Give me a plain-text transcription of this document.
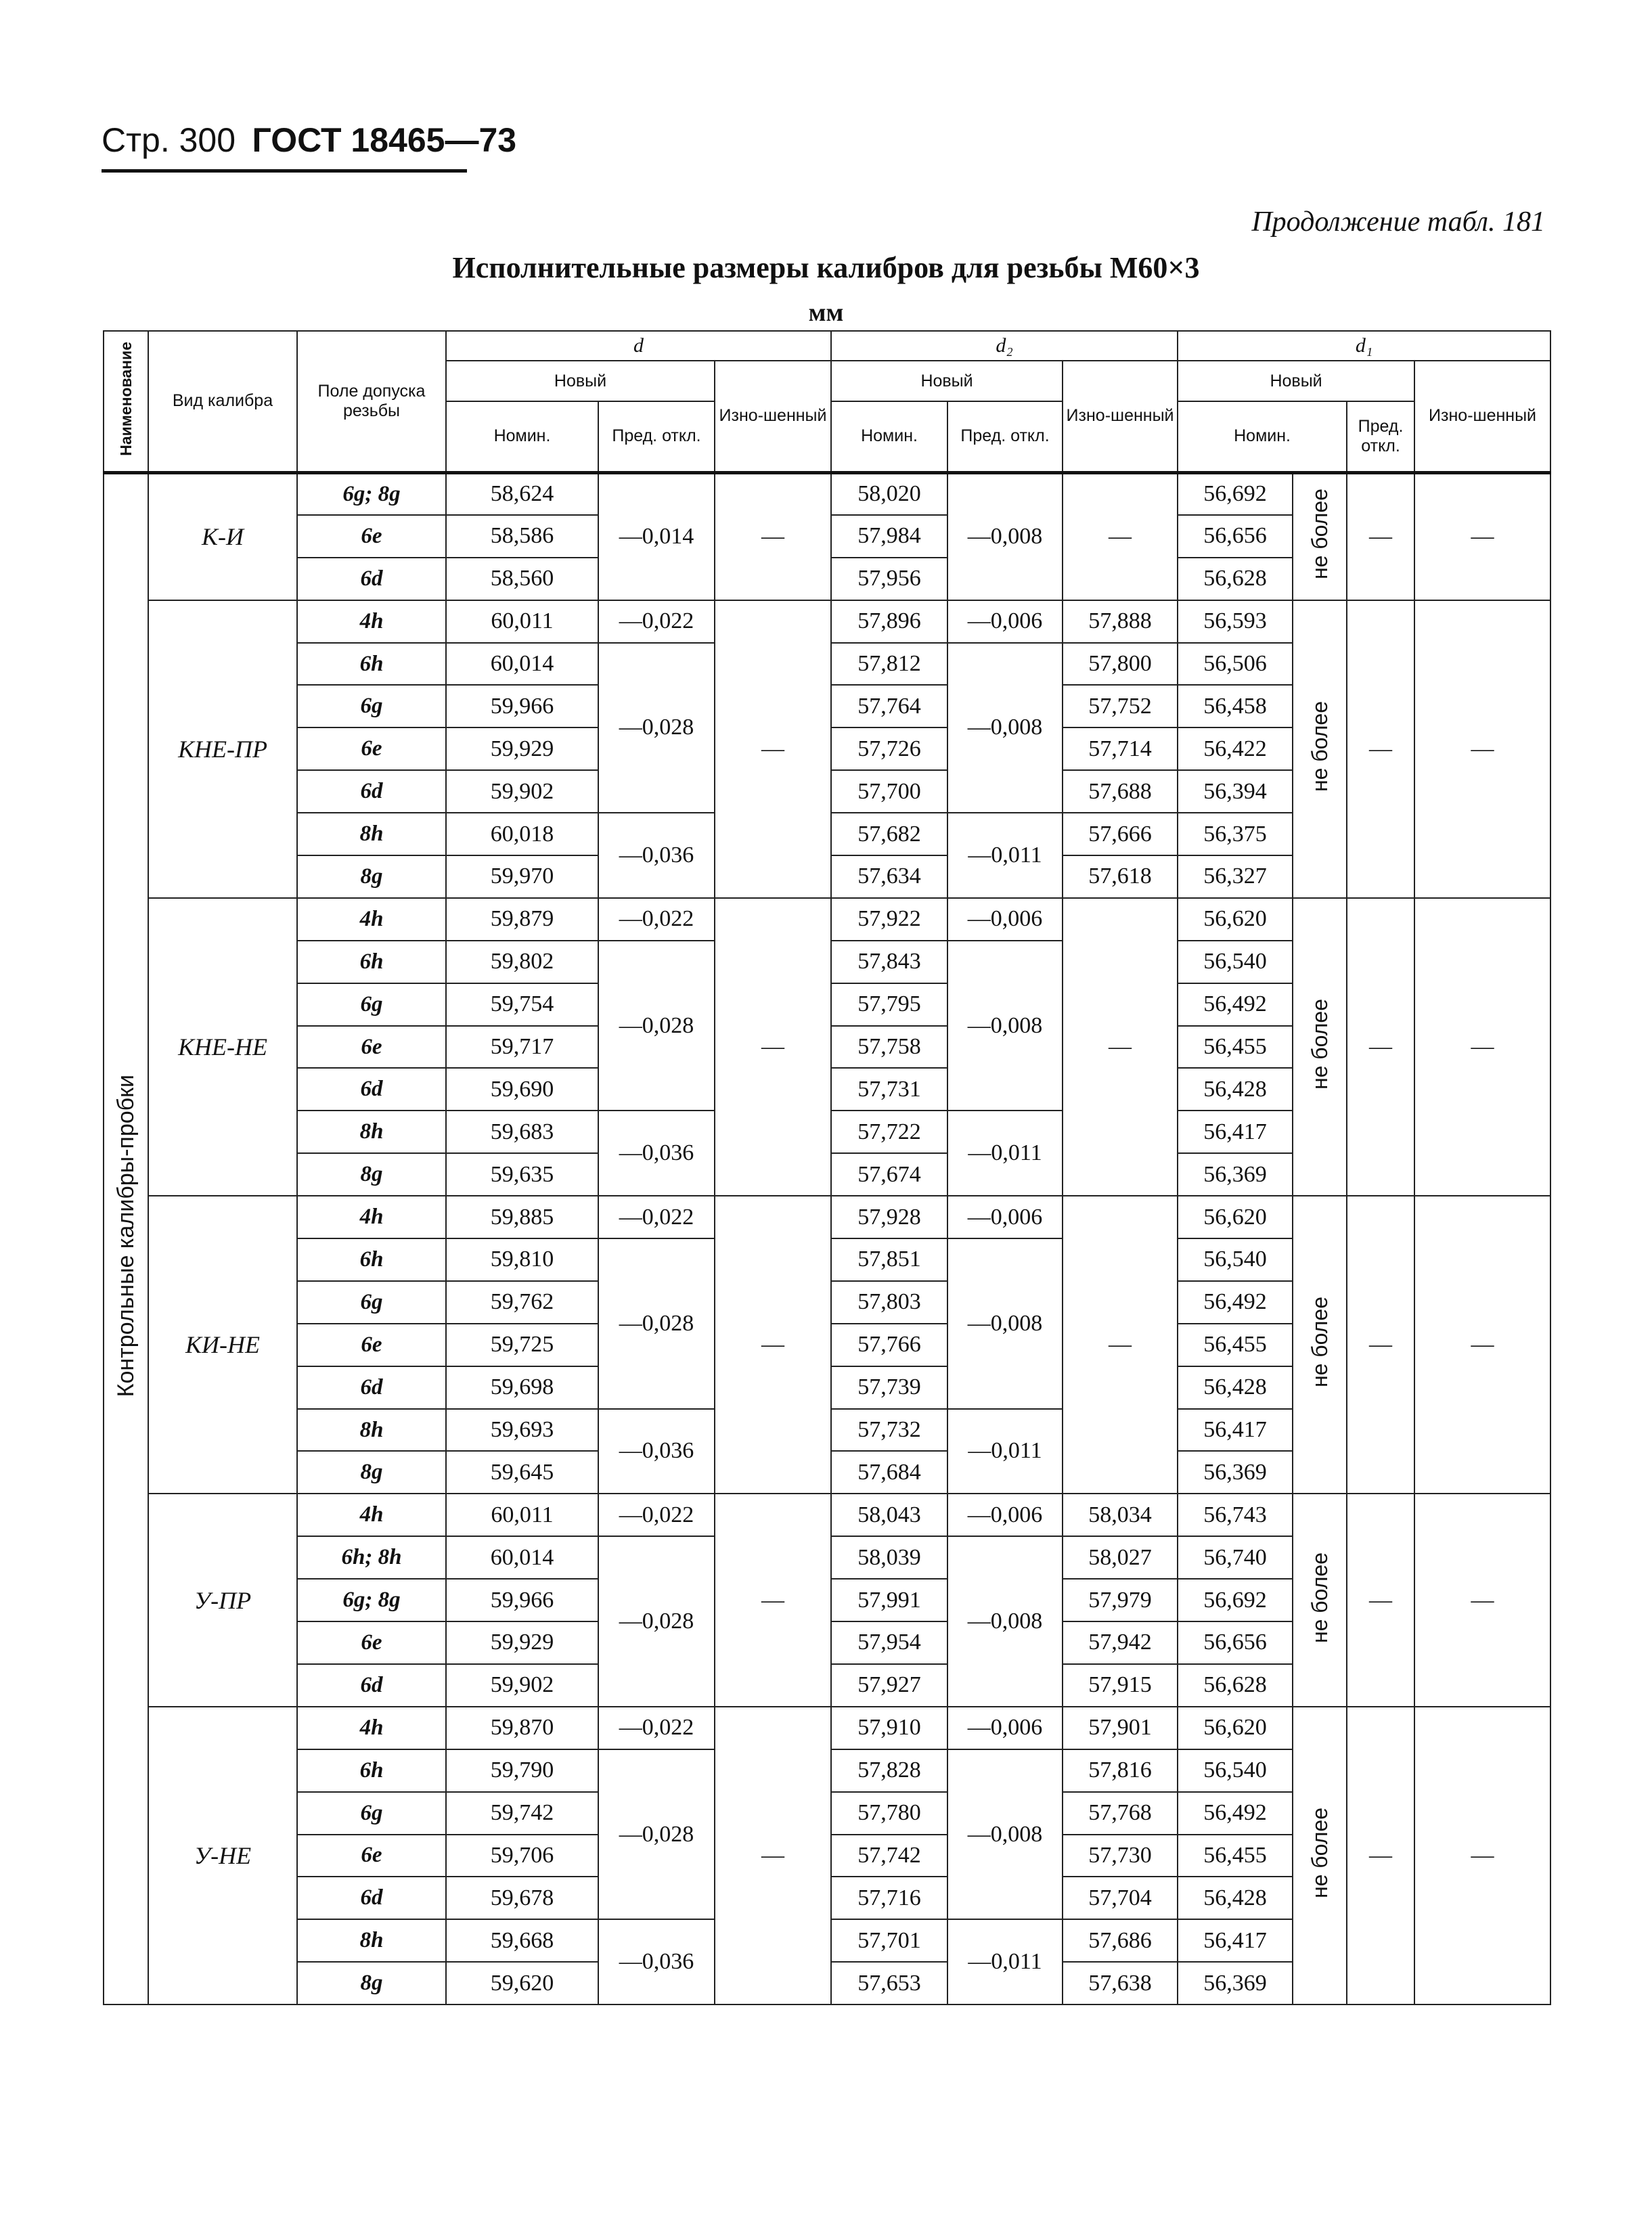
Стр. 300 ГОСТ 18465—73
Продолжение табл. 181
Исполнительные размеры калибров для резьбы M60×3
мм
Наименование	Вид калибра	Поле допуска резьбы	d			d₂			d₁			
			Новый		Изно-шенный	Новый		Изно-шенный	Новый			Изно-шенный
			Номин.	Пред. откл.		Номин.	Пред. откл.		Номин.		Пред. откл.	
Контрольные калибры-пробки	К-И	6g; 8g	58,624	—0,014	—	58,020	—0,008	—	56,692	не более	—	—
		6e	58,586			57,984			56,656			
		6d	58,560			57,956			56,628			
	КНЕ-ПР	4h	60,011	—0,022	—	57,896	—0,006	57,888	56,593	не более	—	—
		6h	60,014	—0,028		57,812	—0,008	57,800	56,506			
		6g	59,966			57,764		57,752	56,458			
		6e	59,929			57,726		57,714	56,422			
		6d	59,902			57,700		57,688	56,394			
		8h	60,018	—0,036		57,682	—0,011	57,666	56,375			
		8g	59,970			57,634		57,618	56,327			
	КНЕ-НЕ	4h	59,879	—0,022	—	57,922	—0,006	—	56,620	не более	—	—
		6h	59,802	—0,028		57,843	—0,008		56,540			
		6g	59,754			57,795			56,492			
		6e	59,717			57,758			56,455			
		6d	59,690			57,731			56,428			
		8h	59,683	—0,036		57,722	—0,011		56,417			
		8g	59,635			57,674			56,369			
	КИ-НЕ	4h	59,885	—0,022	—	57,928	—0,006	—	56,620	не более	—	—
		6h	59,810	—0,028		57,851	—0,008		56,540			
		6g	59,762			57,803			56,492			
		6e	59,725			57,766			56,455			
		6d	59,698			57,739			56,428			
		8h	59,693	—0,036		57,732	—0,011		56,417			
		8g	59,645			57,684			56,369			
	У-ПР	4h	60,011	—0,022	—	58,043	—0,006	58,034	56,743	не более	—	—
		6h; 8h	60,014	—0,028		58,039	—0,008	58,027	56,740			
		6g; 8g	59,966			57,991		57,979	56,692			
		6e	59,929			57,954		57,942	56,656			
		6d	59,902			57,927		57,915	56,628			
	У-НЕ	4h	59,870	—0,022	—	57,910	—0,006	57,901	56,620	не более	—	—
		6h	59,790	—0,028		57,828	—0,008	57,816	56,540			
		6g	59,742			57,780		57,768	56,492			
		6e	59,706			57,742		57,730	56,455			
		6d	59,678			57,716		57,704	56,428			
		8h	59,668	—0,036		57,701	—0,011	57,686	56,417			
		8g	59,620			57,653		57,638	56,369			
